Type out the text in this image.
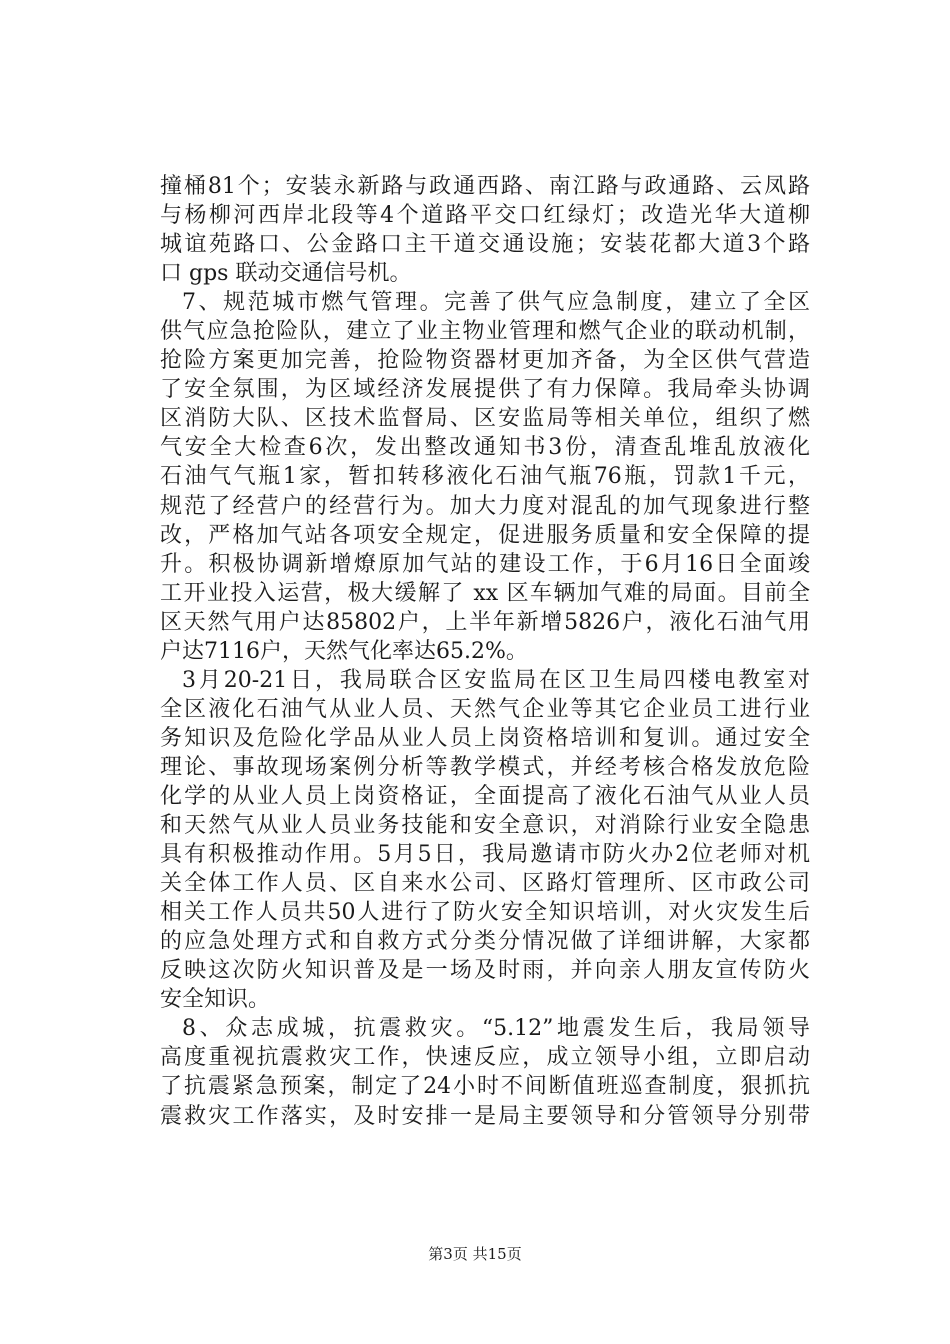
撞桶81个；安装永新路与政通西路、南江路与政通路、云凤路
与杨柳河西岸北段等4个道路平交口红绿灯；改造光华大道柳
城谊苑路口、公金路口主干道交通设施；安装花都大道3个路
口 gps 联动交通信号机。
7、规范城市燃气管理。完善了供气应急制度，建立了全区
供气应急抢险队，建立了业主物业管理和燃气企业的联动机制，
抢险方案更加完善，抢险物资器材更加齐备，为全区供气营造
了安全氛围，为区域经济发展提供了有力保障。我局牵头协调
区消防大队、区技术监督局、区安监局等相关单位，组织了燃
气安全大检查6次，发出整改通知书3份，清查乱堆乱放液化
石油气气瓶1家，暂扣转移液化石油气瓶76瓶，罚款1千元，
规范了经营户的经营行为。加大力度对混乱的加气现象进行整
改，严格加气站各项安全规定，促进服务质量和安全保障的提
升。积极协调新增燎原加气站的建设工作，于6月16日全面竣
工开业投入运营，极大缓解了 xx 区车辆加气难的局面。目前全
区天然气用户达85802户，上半年新增5826户，液化石油气用
户达7116户，天然气化率达65.2%。
3月20-21日，我局联合区安监局在区卫生局四楼电教室对
全区液化石油气从业人员、天然气企业等其它企业员工进行业
务知识及危险化学品从业人员上岗资格培训和复训。通过安全
理论、事故现场案例分析等教学模式，并经考核合格发放危险
化学的从业人员上岗资格证，全面提高了液化石油气从业人员
和天然气从业人员业务技能和安全意识，对消除行业安全隐患
具有积极推动作用。5月5日，我局邀请市防火办2位老师对机
关全体工作人员、区自来水公司、区路灯管理所、区市政公司
相关工作人员共50人进行了防火安全知识培训，对火灾发生后
的应急处理方式和自救方式分类分情况做了详细讲解，大家都
反映这次防火知识普及是一场及时雨，并向亲人朋友宣传防火
安全知识。
8、众志成城，抗震救灾。“5.12”地震发生后，我局领导
高度重视抗震救灾工作，快速反应，成立领导小组，立即启动
了抗震紧急预案，制定了24小时不间断值班巡查制度，狠抓抗
震救灾工作落实，及时安排一是局主要领导和分管领导分别带
第3页 共15页
